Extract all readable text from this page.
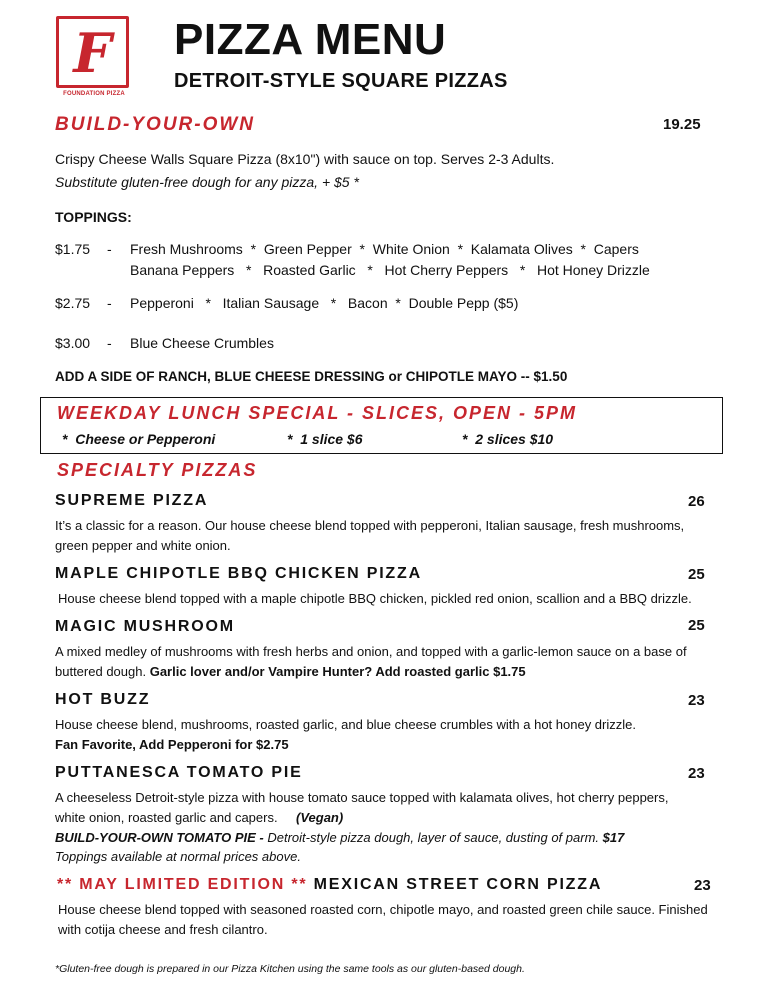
F
FOUNDATION PIZZA
PIZZA MENU
DETROIT-STYLE SQUARE PIZZAS
BUILD-YOUR-OWN	19.25
Crispy Cheese Walls Square Pizza (8x10") with sauce on top. Serves 2-3 Adults.
Substitute gluten-free dough for any pizza, + $5 *
TOPPINGS:
$1.75 - Fresh Mushrooms  *  Green Pepper  *  White Onion  *  Kalamata Olives  *  Capers
Banana Peppers   *   Roasted Garlic   *   Hot Cherry Peppers   *   Hot Honey Drizzle
$2.75 - Pepperoni   *   Italian Sausage   *   Bacon  *  Double Pepp ($5)
$3.00 - Blue Cheese Crumbles
ADD A SIDE OF RANCH, BLUE CHEESE DRESSING or CHIPOTLE MAYO -- $1.50
WEEKDAY LUNCH SPECIAL - SLICES, OPEN - 5PM
*  Cheese or Pepperoni	*  1 slice $6	*  2 slices $10
SPECIALTY PIZZAS
SUPREME PIZZA	26
It’s a classic for a reason. Our house cheese blend topped with pepperoni, Italian sausage, fresh mushrooms,
green pepper and white onion.
MAPLE CHIPOTLE BBQ CHICKEN PIZZA	25
House cheese blend topped with a maple chipotle BBQ chicken, pickled red onion, scallion and a BBQ drizzle.
MAGIC MUSHROOM	25
A mixed medley of mushrooms with fresh herbs and onion, and topped with a garlic-lemon sauce on a base of
buttered dough. Garlic lover and/or Vampire Hunter? Add roasted garlic $1.75
HOT BUZZ	23
House cheese blend, mushrooms, roasted garlic, and blue cheese crumbles with a hot honey drizzle.
Fan Favorite, Add Pepperoni for $2.75
PUTTANESCA TOMATO PIE	23
A cheeseless Detroit-style pizza with house tomato sauce topped with kalamata olives, hot cherry peppers,
white onion, roasted garlic and capers. (Vegan)
BUILD-YOUR-OWN TOMATO PIE - Detroit-style pizza dough, layer of sauce, dusting of parm. $17
Toppings available at normal prices above.
** MAY LIMITED EDITION ** MEXICAN STREET CORN PIZZA	23
House cheese blend topped with seasoned roasted corn, chipotle mayo, and roasted green chile sauce. Finished
with cotija cheese and fresh cilantro.
*Gluten-free dough is prepared in our Pizza Kitchen using the same tools as our gluten-based dough.
